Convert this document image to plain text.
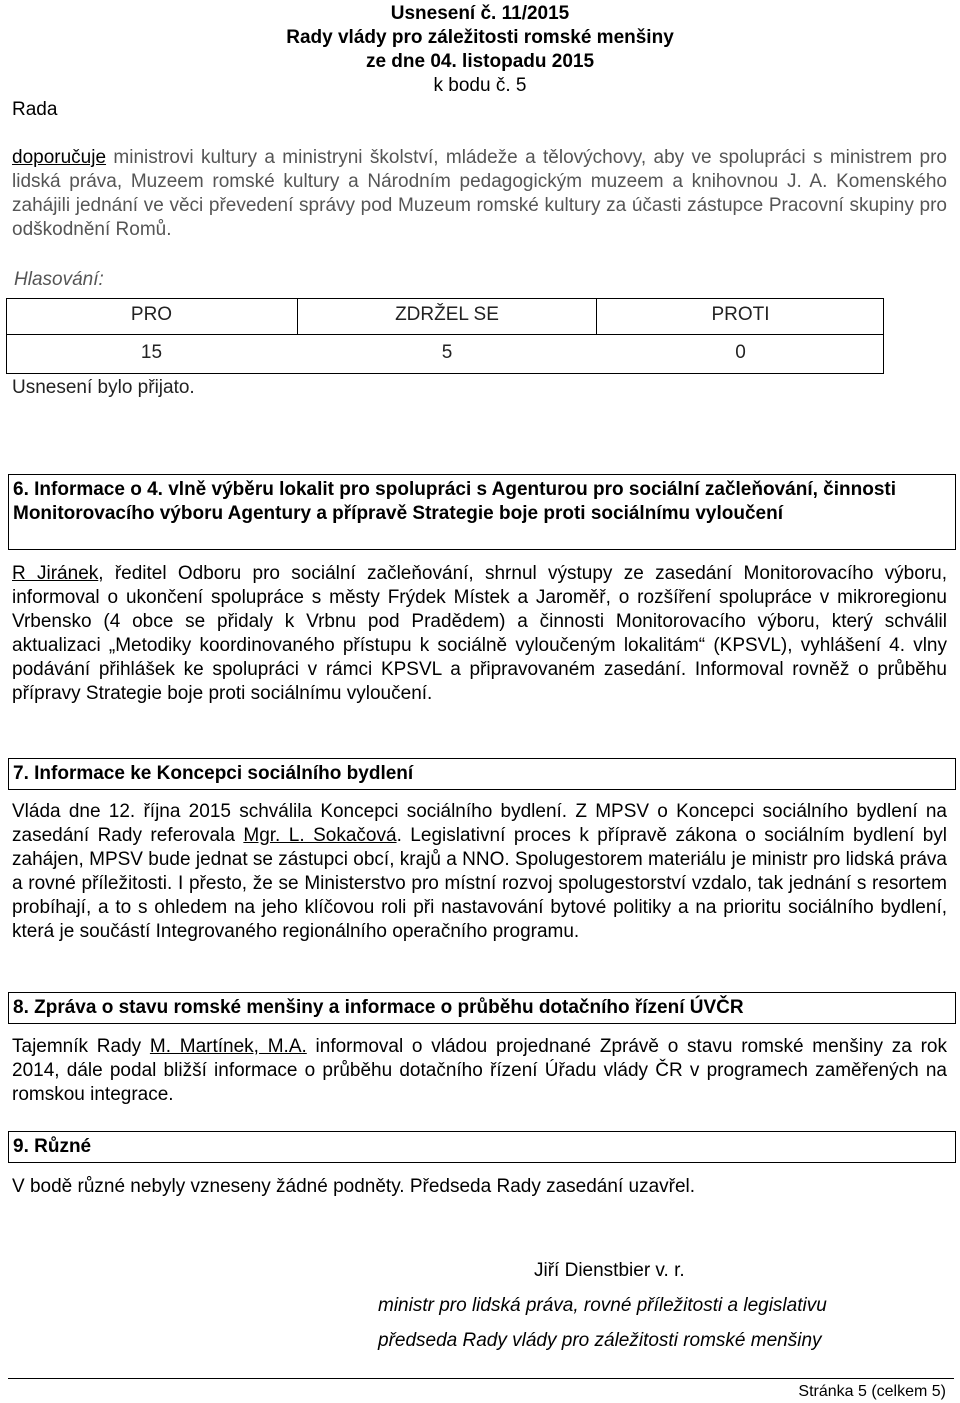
Usnesení č. 11/2015
Rady vlády pro záležitosti romské menšiny
ze dne 04. listopadu 2015
k bodu č. 5
Rada
doporučuje ministrovi kultury a ministryni školství, mládeže a tělovýchovy, aby ve spolupráci s ministrem pro lidská práva, Muzeem romské kultury a Národním pedagogickým muzeem a knihovnou J. A. Komenského zahájili jednání ve věci převedení správy pod Muzeum romské kultury za účasti zástupce Pracovní skupiny pro odškodnění Romů.
Hlasování:
PRO	ZDRŽEL SE	PROTI
15	5	0
Usnesení bylo přijato.
6. Informace o 4. vlně výběru lokalit pro spolupráci s Agenturou pro sociální začleňování, činnosti Monitorovacího výboru Agentury a přípravě Strategie boje proti sociálnímu vyloučení
R Jiránek, ředitel Odboru pro sociální začleňování, shrnul výstupy ze zasedání Monitorovacího výboru, informoval o ukončení spolupráce s městy Frýdek Místek a Jaroměř, o rozšíření spolupráce v mikroregionu Vrbensko (4 obce se přidaly k Vrbnu pod Pradědem) a činnosti Monitorovacího výboru, který schválil aktualizaci „Metodiky koordinovaného přístupu k sociálně vyloučeným lokalitám“ (KPSVL), vyhlášení 4. vlny podávání přihlášek ke spolupráci v rámci KPSVL a připravovaném zasedání. Informoval rovněž o průběhu přípravy Strategie boje proti sociálnímu vyloučení.
7. Informace ke Koncepci sociálního bydlení
Vláda dne 12. října 2015 schválila Koncepci sociálního bydlení. Z MPSV o Koncepci sociálního bydlení na zasedání Rady referovala Mgr. L. Sokačová. Legislativní proces k přípravě zákona o sociálním bydlení byl zahájen, MPSV bude jednat se zástupci obcí, krajů a NNO. Spolugestorem materiálu je ministr pro lidská práva a rovné příležitosti. I přesto, že se Ministerstvo pro místní rozvoj spolugestorství vzdalo, tak jednání s resortem probíhají, a to s ohledem na jeho klíčovou roli při nastavování bytové politiky a na prioritu sociálního bydlení, která je součástí Integrovaného regionálního operačního programu.
8. Zpráva o stavu romské menšiny a informace o průběhu dotačního řízení ÚVČR
Tajemník Rady M. Martínek, M.A. informoval o vládou projednané Zprávě o stavu romské menšiny za rok 2014, dále podal bližší informace o průběhu dotačního řízení Úřadu vlády ČR v programech zaměřených na romskou integrace.
9. Různé
V bodě různé nebyly vzneseny žádné podněty. Předseda Rady zasedání uzavřel.
Jiří Dienstbier v. r.
ministr pro lidská práva, rovné příležitosti a legislativu
předseda Rady vlády pro záležitosti romské menšiny
Stránka 5 (celkem 5)
